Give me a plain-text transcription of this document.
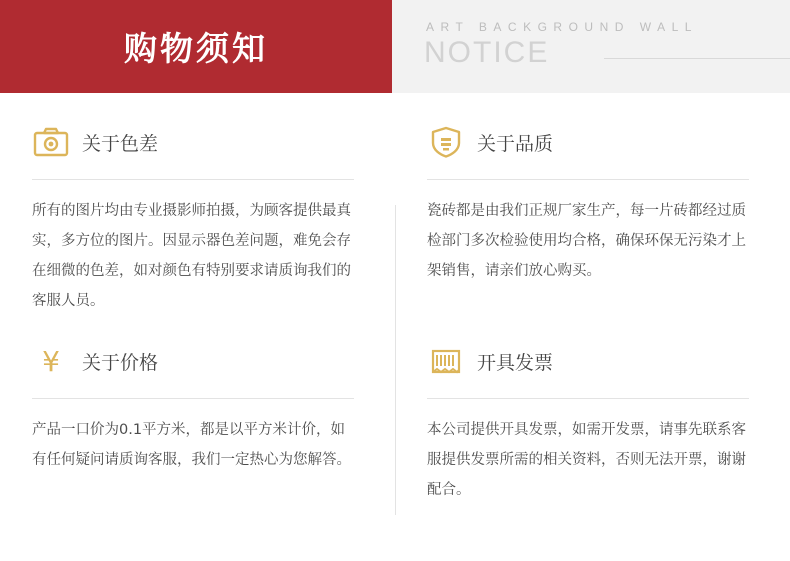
购物须知
ART BACKGROUND WALL
NOTICE
关于色差
所有的图片均由专业摄影师拍摄，为顾客提供最真实，多方位的图片。因显示器色差问题，难免会存在细微的色差，如对颜色有特别要求请质询我们的客服人员。
关于品质
瓷砖都是由我们正规厂家生产，每一片砖都经过质检部门多次检验使用均合格，确保环保无污染才上架销售，请亲们放心购买。
¥ 关于价格
产品一口价为0.1平方米，都是以平方米计价，如有任何疑问请质询客服，我们一定热心为您解答。
开具发票
本公司提供开具发票，如需开发票，请事先联系客服提供发票所需的相关资料，否则无法开票，谢谢配合。
